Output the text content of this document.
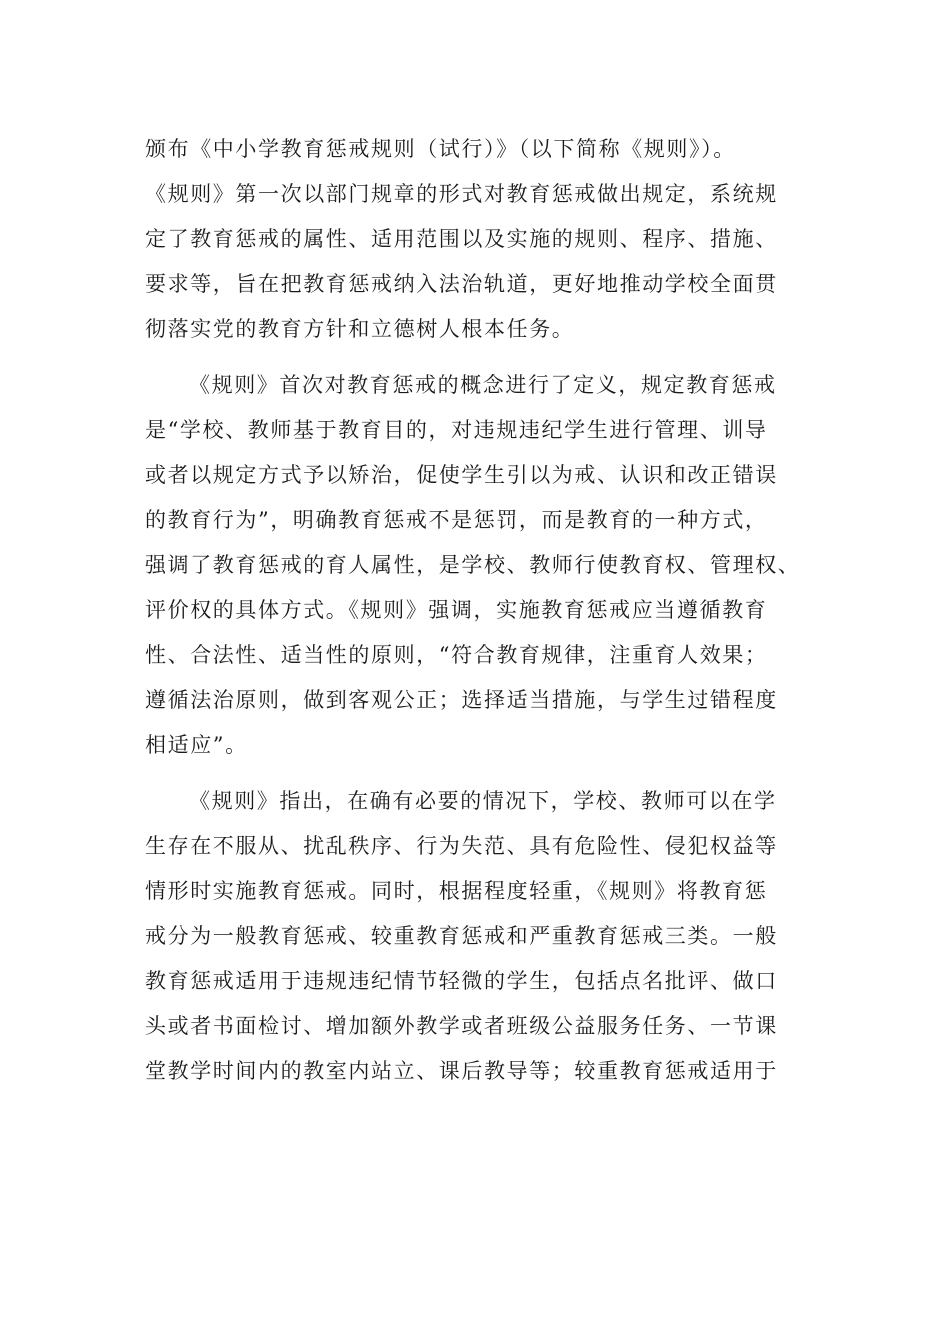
颁布《中小学教育惩戒规则（试行）》（以下简称《规则》）。
《规则》第一次以部门规章的形式对教育惩戒做出规定，系统规
定了教育惩戒的属性、适用范围以及实施的规则、程序、措施、
要求等，旨在把教育惩戒纳入法治轨道，更好地推动学校全面贯
彻落实党的教育方针和立德树人根本任务。
《规则》首次对教育惩戒的概念进行了定义，规定教育惩戒
是“学校、教师基于教育目的，对违规违纪学生进行管理、训导
或者以规定方式予以矫治，促使学生引以为戒、认识和改正错误
的教育行为”，明确教育惩戒不是惩罚，而是教育的一种方式，
强调了教育惩戒的育人属性，是学校、教师行使教育权、管理权、
评价权的具体方式。《规则》强调，实施教育惩戒应当遵循教育
性、合法性、适当性的原则，“符合教育规律，注重育人效果；
遵循法治原则，做到客观公正；选择适当措施，与学生过错程度
相适应”。
《规则》指出，在确有必要的情况下，学校、教师可以在学
生存在不服从、扰乱秩序、行为失范、具有危险性、侵犯权益等
情形时实施教育惩戒。同时，根据程度轻重，《规则》将教育惩
戒分为一般教育惩戒、较重教育惩戒和严重教育惩戒三类。一般
教育惩戒适用于违规违纪情节轻微的学生，包括点名批评、做口
头或者书面检讨、增加额外教学或者班级公益服务任务、一节课
堂教学时间内的教室内站立、课后教导等；较重教育惩戒适用于
